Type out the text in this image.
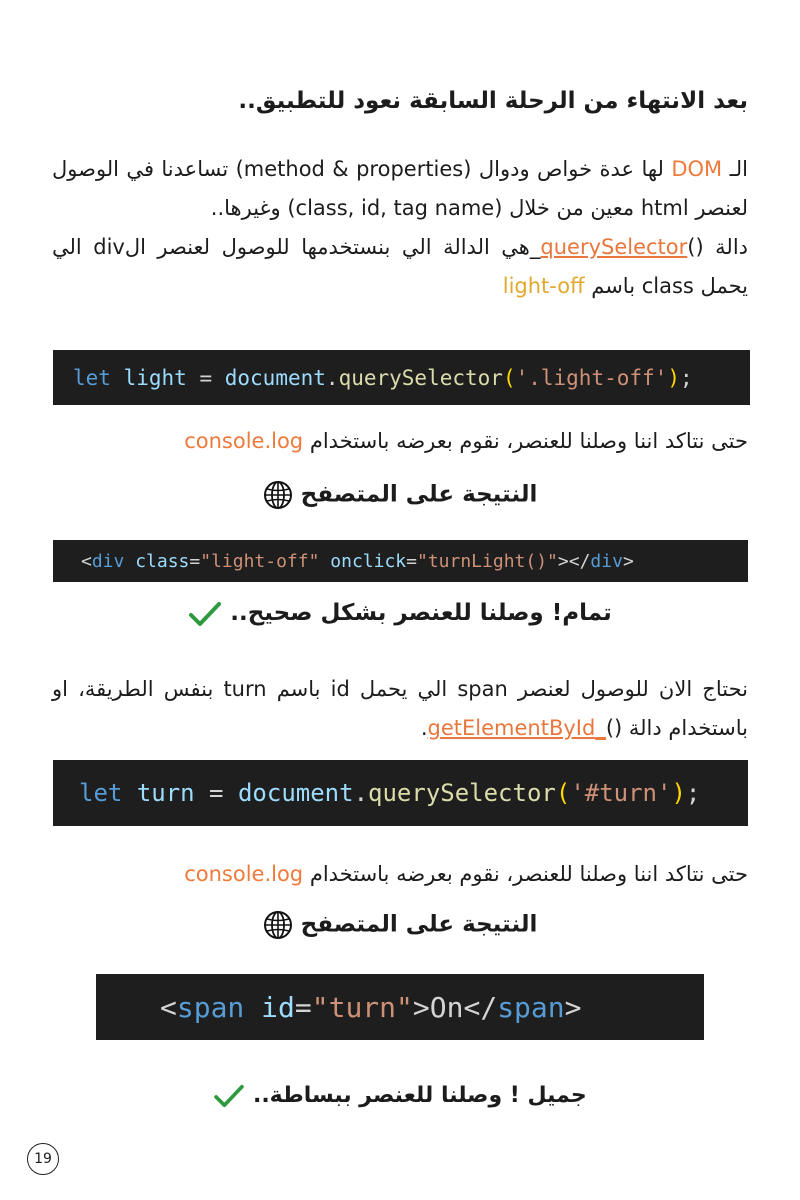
بعد الانتهاء من الرحلة السابقة نعود للتطبيق..

الـ DOM لها عدة خواص ودوال (method & properties) تساعدنا في الوصول لعنصر html معين من خلال (class, id, tag name) وغيرها..
دالة ()querySelector_هي الدالة الي بنستخدمها للوصول لعنصر الdiv الي يحمل class باسم light-off

let
light = document . querySelector ( '.light-off' ) ;

حتى نتاكد اننا وصلنا للعنصر، نقوم بعرضه باستخدام console.log

النتيجة على المتصفح
< div class = "light-off" onclick = "turnLight()" > </ div >
تمام! وصلنا للعنصر بشكل صحيح..

نحتاج الان للوصول لعنصر span الي يحمل id باسم turn بنفس الطريقة، او باستخدام دالة ()_getElementById.

let
turn = document . querySelector ( '#turn' ) ;

حتى نتاكد اننا وصلنا للعنصر، نقوم بعرضه باستخدام console.log

النتيجة على المتصفح
< span id = "turn" > On </ span >
جميل ! وصلنا للعنصر ببساطة..
19
